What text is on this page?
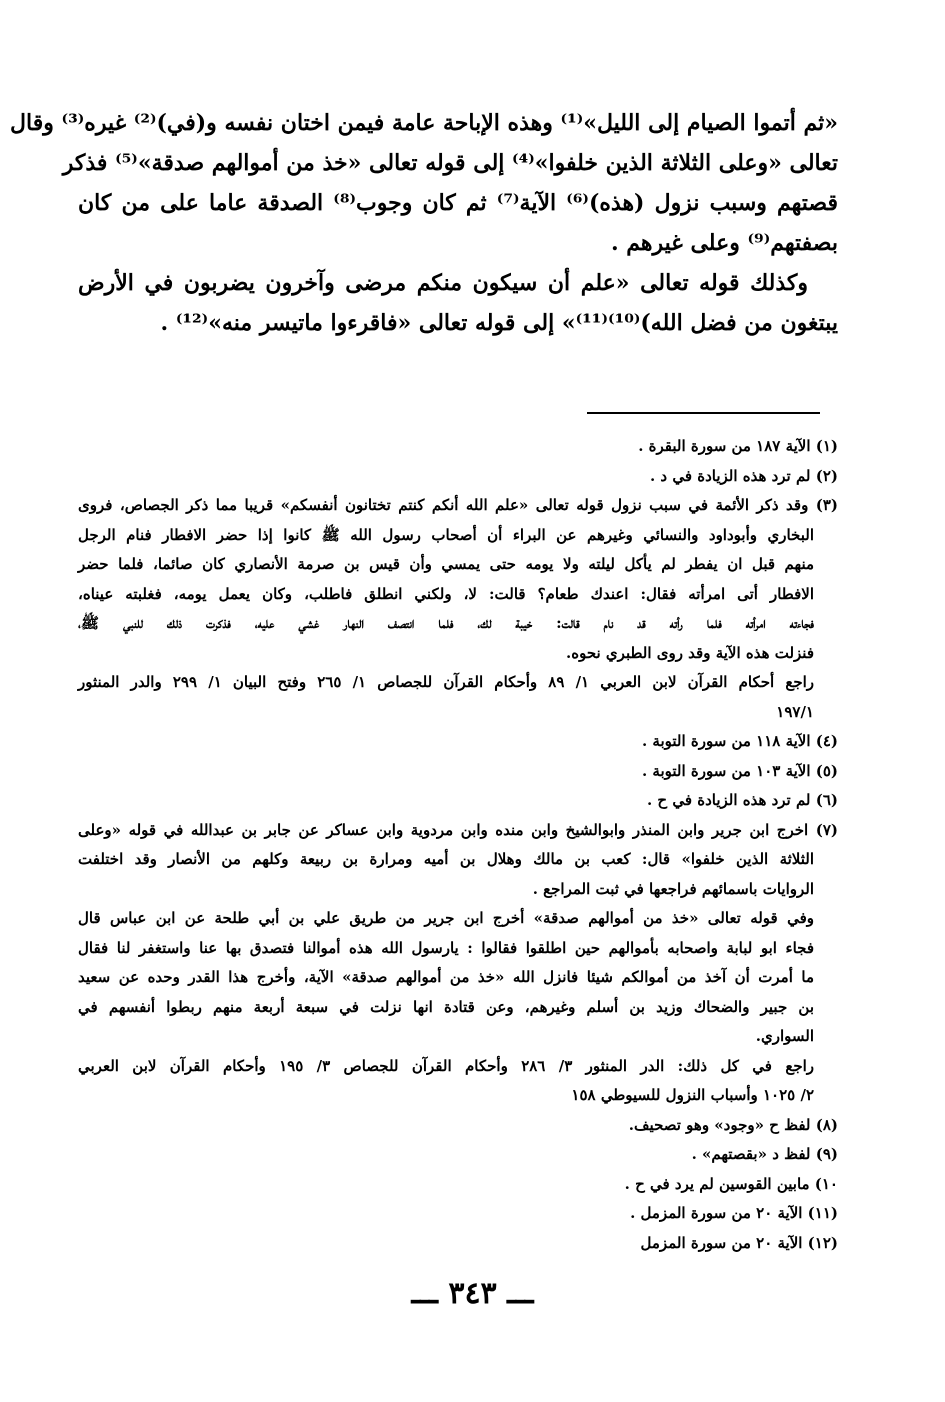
«ثم أتموا الصيام إلى الليل»⁽¹⁾ وهذه الإباحة عامة فيمن اختان نفسه و(في)⁽²⁾ غيره⁽³⁾ وقال
تعالى «وعلى الثلاثة الذين خلفوا»⁽⁴⁾ إلى قوله تعالى «خذ من أموالهم صدقة»⁽⁵⁾ فذكر
قصتهم وسبب نزول (هذه)⁽⁶⁾ الآية⁽⁷⁾ ثم كان وجوب⁽⁸⁾ الصدقة عاما على من كان
بصفتهم⁽⁹⁾ وعلى غيرهم .
وكذلك قوله تعالى «علم أن سيكون منكم مرضى وآخرون يضربون في الأرض
يبتغون من فضل الله)⁽¹⁰⁾⁽¹¹⁾» إلى قوله تعالى «فاقرءوا ماتيسر منه»⁽¹²⁾ .
(١) الآية ١٨٧ من سورة البقرة .
(٢) لم ترد هذه الزيادة في د .
(٣) وقد ذكر الأئمة في سبب نزول قوله تعالى «علم الله أنكم كنتم تختانون أنفسكم» قريبا مما ذكر الجصاص، فروى
البخاري وأبوداود والنسائي وغيرهم عن البراء أن أصحاب رسول الله ﷺ كانوا إذا حضر الافطار فنام الرجل
منهم قبل ان يفطر لم يأكل ليلته ولا يومه حتى يمسي وأن قيس بن صرمة الأنصاري كان صائما، فلما حضر
الافطار أتى امرأته فقال: اعندك طعام؟ قالت: لا، ولكني انطلق فاطلب، وكان يعمل يومه، فغلبته عيناه،
فجاءته امرأته فلما رأته قد نام قالت: خيبة لك، فلما انتصف النهار غشي عليه، فذكرت ذلك للنبي ﷺ،
فنزلت هذه الآية وقد روى الطبري نحوه.
راجع أحكام القرآن لابن العربي ١/ ٨٩ وأحكام القرآن للجصاص ١/ ٢٦٥ وفتح البيان ١/ ٢٩٩ والدر المنثور
١٩٧/١
(٤) الآية ١١٨ من سورة التوبة .
(٥) الآية ١٠٣ من سورة التوبة .
(٦) لم ترد هذه الزيادة في ح .
(٧) اخرج ابن جرير وابن المنذر وابوالشيخ وابن منده وابن مردوية وابن عساكر عن جابر بن عبدالله في قوله «وعلى
الثلاثة الذين خلفوا» قال: كعب بن مالك وهلال بن أميه ومرارة بن ربيعة وكلهم من الأنصار وقد اختلفت
الروايات باسمائهم فراجعها في ثبت المراجع .
وفي قوله تعالى «خذ من أموالهم صدقة» أخرج ابن جرير من طريق علي بن أبي طلحة عن ابن عباس قال
فجاء ابو لبابة واصحابه بأموالهم حين اطلقوا فقالوا : يارسول الله هذه أموالنا فتصدق بها عنا واستغفر لنا فقال
ما أمرت أن آخذ من أموالكم شيئا فانزل الله «خذ من أموالهم صدقة» الآية، وأخرج هذا القدر وحده عن سعيد
بن جبير والضحاك وزيد بن أسلم وغيرهم، وعن قتادة انها نزلت في سبعة أربعة منهم ربطوا أنفسهم في
السواري.
راجع في كل ذلك: الدر المنثور ٣/ ٢٨٦ وأحكام القرآن للجصاص ٣/ ١٩٥ وأحكام القرآن لابن العربي
٢/ ١٠٢٥ وأسباب النزول للسيوطي ١٥٨
(٨) لفظ ح «وجود» وهو تصحيف.
(٩) لفظ د «بقصتهم» .
١٠) مابين القوسين لم يرد في ح .
(١١) الآية ٢٠ من سورة المزمل .
(١٢) الآية ٢٠ من سورة المزمل
ـــ ٣٤٣ ـــ
